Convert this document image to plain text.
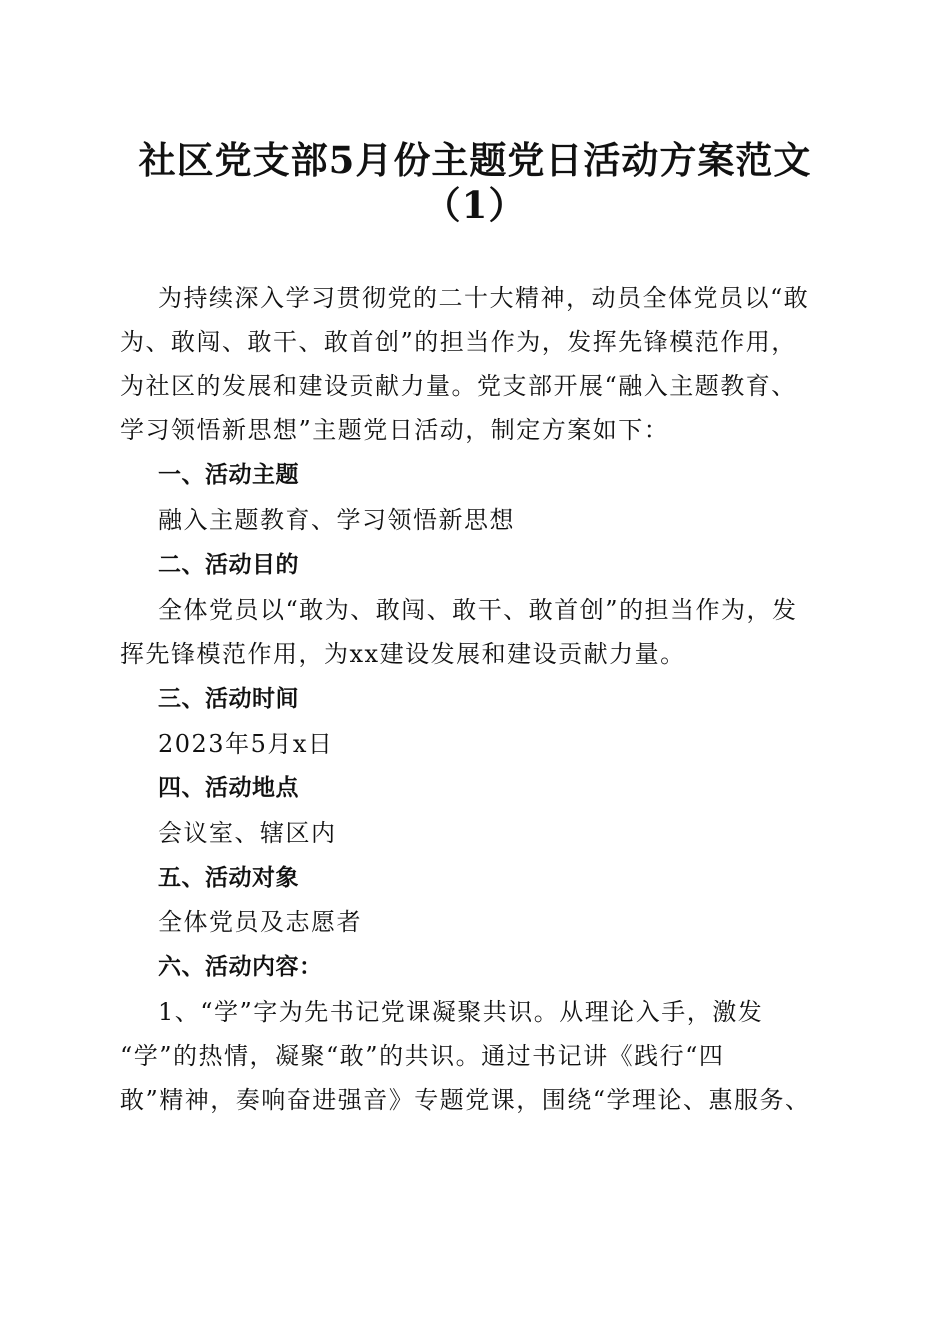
社区党支部5月份主题党日活动方案范文
（1）

为持续深入学习贯彻党的二十大精神，动员全体党员以“敢

为、敢闯、敢干、敢首创”的担当作为，发挥先锋模范作用，

为社区的发展和建设贡献力量。党支部开展“融入主题教育、

学习领悟新思想”主题党日活动，制定方案如下：

一、活动主题

融入主题教育、学习领悟新思想

二、活动目的

全体党员以“敢为、敢闯、敢干、敢首创”的担当作为，发

挥先锋模范作用，为xx建设发展和建设贡献力量。

三、活动时间

2023年5月x日

四、活动地点

会议室、辖区内

五、活动对象

全体党员及志愿者

六、活动内容：

1、“学”字为先书记党课凝聚共识。从理论入手，激发

“学”的热情，凝聚“敢”的共识。通过书记讲《践行“四

敢”精神，奏响奋进强音》专题党课，围绕“学理论、惠服务、
